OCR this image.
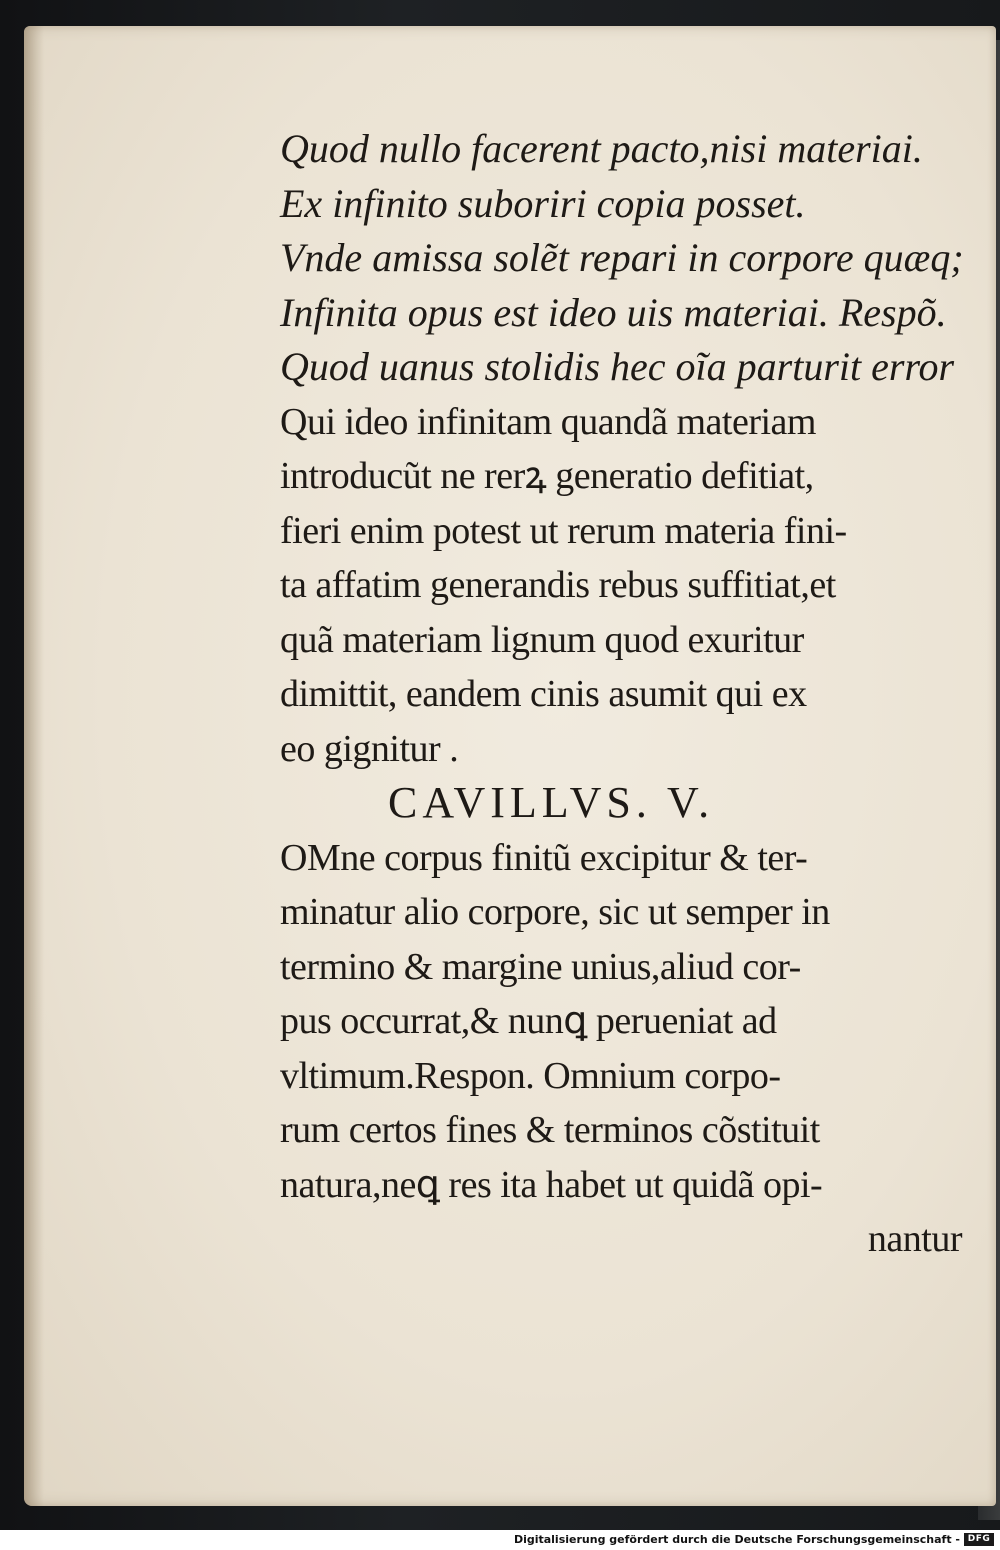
Quod nullo facerent pacto,nisi materiai.
Ex infinito suboriri copia posset.
Vnde amissa solẽt repari in corpore quæq;
Infinita opus est ideo uis materiai. Respõ.
Quod uanus stolidis hec oĩa parturit error
Qui ideo infinitam quandã materiam
introducũt ne rerꝝ generatio defitiat,
fieri enim potest ut rerum materia fini-
ta affatim generandis rebus suffitiat,et
quã materiam lignum quod exuritur
dimittit, eandem cinis asumit qui ex
eo gignitur .
CAVILLVS. V.
OMne corpus finitũ excipitur & ter-
minatur alio corpore, sic ut semper in
termino & margine unius,aliud cor-
pus occurrat,& nunꝗ perueniat ad
vltimum.Respon. Omnium corpo-
rum certos fines & terminos cõstituit
natura,neꝗ res ita habet ut quidã opi-
nantur
Digitalisierung gefördert durch die Deutsche Forschungsgemeinschaft - DFG
